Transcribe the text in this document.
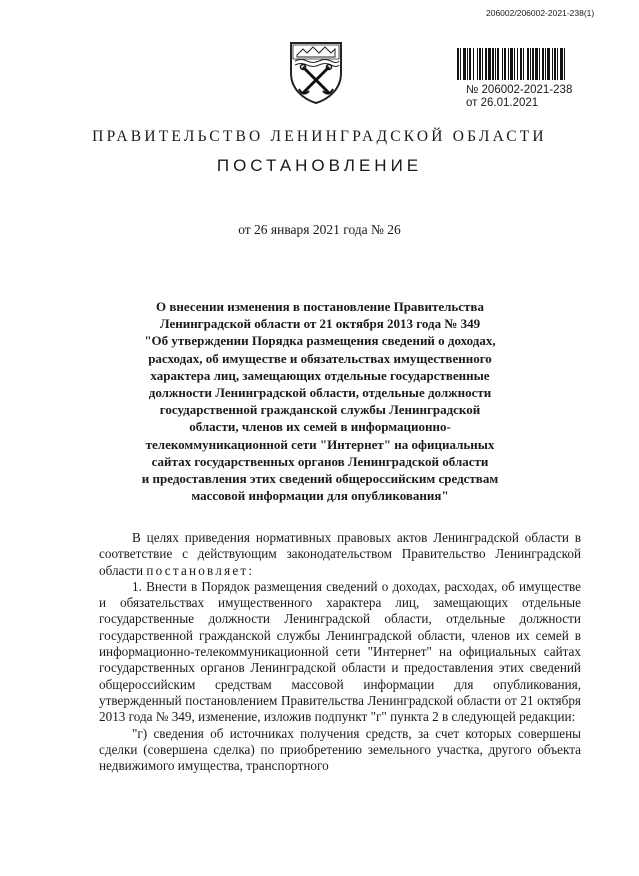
206002/206002-2021-238(1)
№ 206002-2021-238
от 26.01.2021
ПРАВИТЕЛЬСТВО ЛЕНИНГРАДСКОЙ ОБЛАСТИ
ПОСТАНОВЛЕНИЕ
от 26 января 2021 года № 26
О внесении изменения в постановление Правительства
Ленинградской области от 21 октября 2013 года № 349
"Об утверждении Порядка размещения сведений о доходах,
расходах, об имуществе и обязательствах имущественного
характера лиц, замещающих отдельные государственные
должности Ленинградской области, отдельные должности
государственной гражданской службы Ленинградской
области, членов их семей в информационно-
телекоммуникационной сети "Интернет" на официальных
сайтах государственных органов Ленинградской области
и предоставления этих сведений общероссийским средствам
массовой информации для опубликования"
В целях приведения нормативных правовых актов Ленинградской области в соответствие с действующим законодательством Правительство Ленинградской области постановляет:
1. Внести в Порядок размещения сведений о доходах, расходах, об имуществе и обязательствах имущественного характера лиц, замещающих отдельные государственные должности Ленинградской области, отдельные должности государственной гражданской службы Ленинградской области, членов их семей в информационно-телекоммуникационной сети "Интернет" на официальных сайтах государственных органов Ленинградской области и предоставления этих сведений общероссийским средствам массовой информации для опубликования, утвержденный постановлением Правительства Ленинградской области от 21 октября 2013 года № 349, изменение, изложив подпункт "г" пункта 2 в следующей редакции:
"г) сведения об источниках получения средств, за счет которых совершены сделки (совершена сделка) по приобретению земельного участка, другого объекта недвижимого имущества, транспортного
